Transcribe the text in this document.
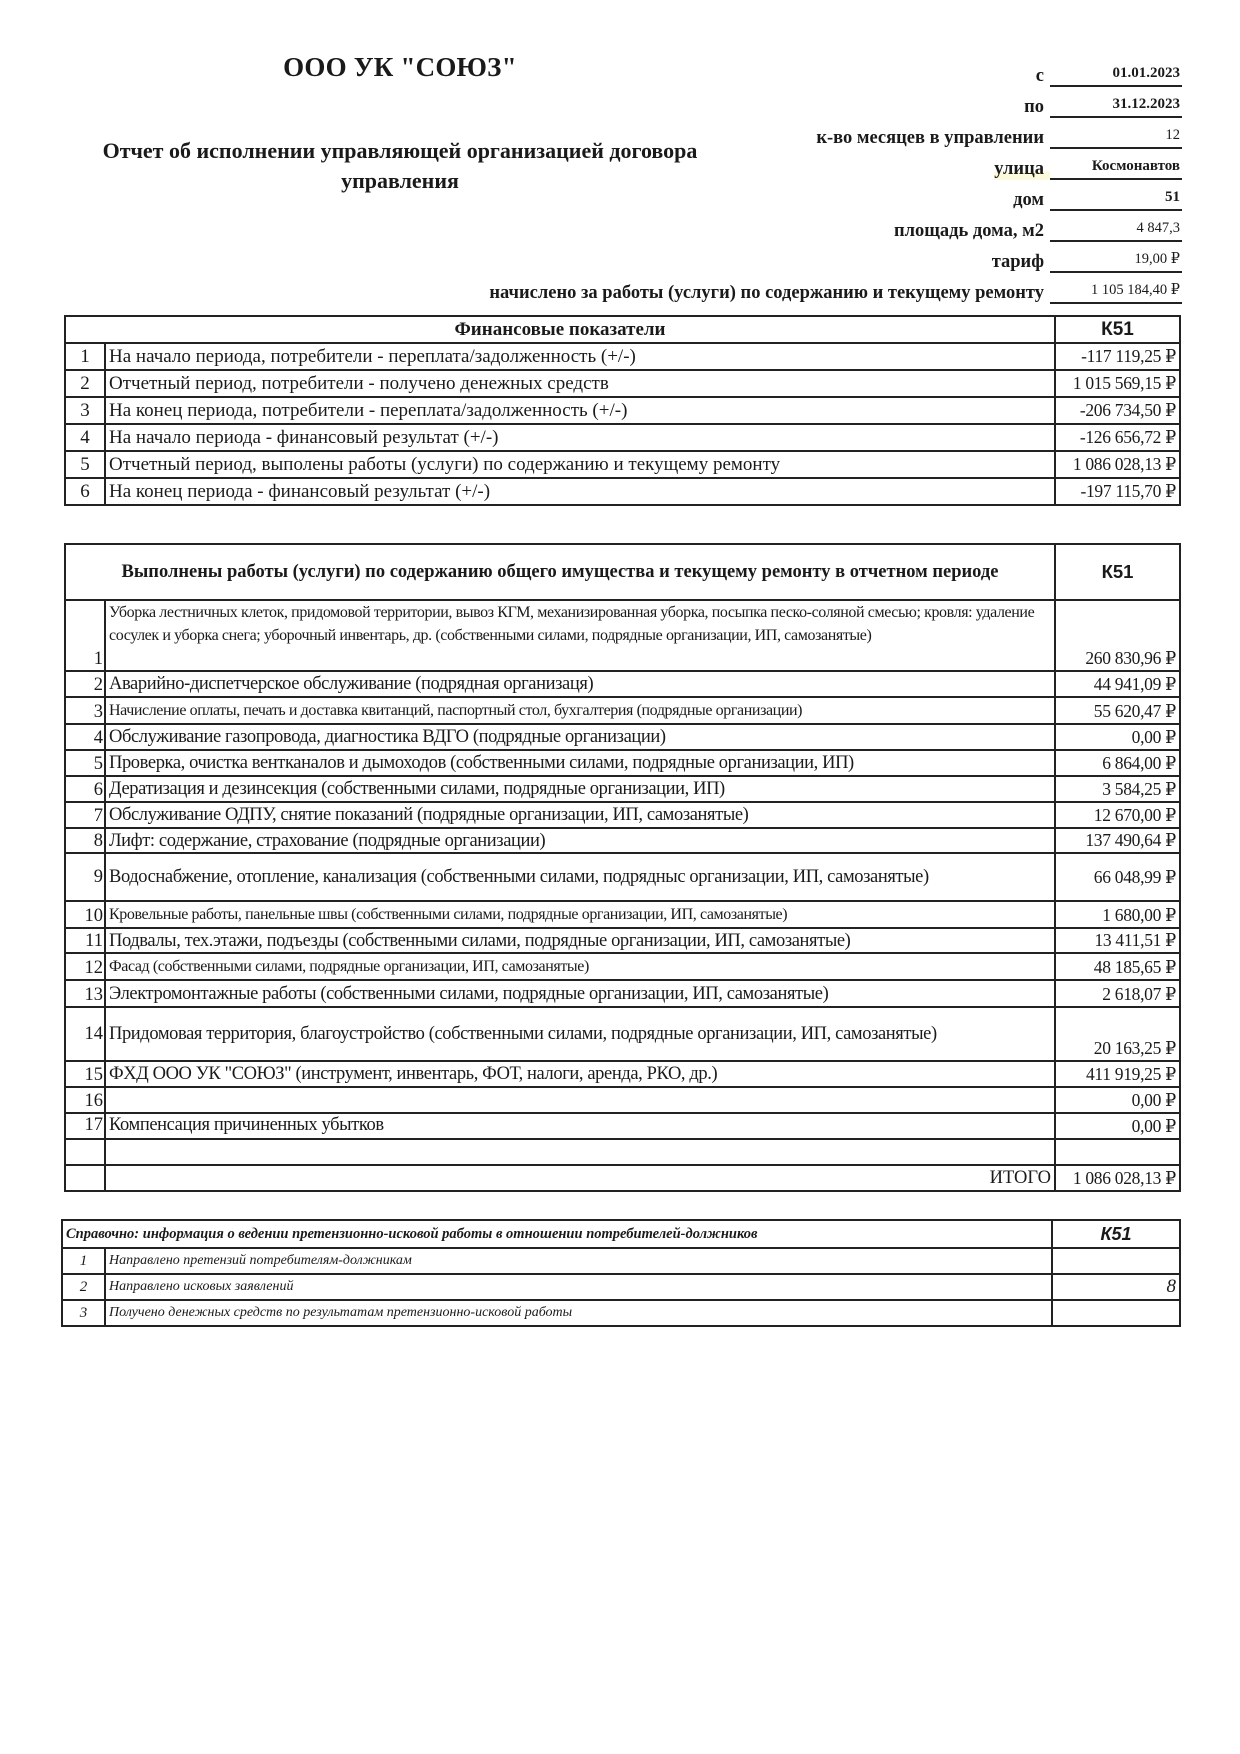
ООО УК "СОЮЗ"
Отчет об исполнении управляющей организацией договора управления
с	01.01.2023
по	31.12.2023
к-во месяцев в управлении	12
улица	Космонавтов
дом	51
площадь дома, м2	4 847,3
тариф	19,00 ₽
начислено за работы (услуги) по содержанию и текущему ремонту	1 105 184,40 ₽
Финансовые показатели		К51
1	На начало периода, потребители - переплата/задолженность (+/-)	-117 119,25 ₽
2	Отчетный период, потребители - получено денежных средств	1 015 569,15 ₽
3	На конец периода, потребители - переплата/задолженность (+/-)	-206 734,50 ₽
4	На начало периода - финансовый результат (+/-)	-126 656,72 ₽
5	Отчетный период, выполены работы (услуги) по содержанию и текущему ремонту	1 086 028,13 ₽
6	На конец периода - финансовый результат (+/-)	-197 115,70 ₽
Выполнены работы (услуги) по содержанию общего имущества и текущему ремонту в отчетном периоде		К51
1	Уборка лестничных клеток, придомовой территории, вывоз КГМ, механизированная уборка, посыпка песко-соляной смесью; кровля: удаление сосулек и уборка снега; уборочный инвентарь, др. (собственными силами, подрядные организации, ИП, самозанятые)	260 830,96 ₽
2	Аварийно-диспетчерское обслуживание (подрядная организаця)	44 941,09 ₽
3	Начисление оплаты, печать и доставка квитанций, паспортный стол, бухгалтерия (подрядные организации)	55 620,47 ₽
4	Обслуживание газопровода, диагностика ВДГО (подрядные организации)	0,00 ₽
5	Проверка, очистка вентканалов и дымоходов (собственными силами, подрядные организации, ИП)	6 864,00 ₽
6	Дератизация и дезинсекция (собственными силами, подрядные организации, ИП)	3 584,25 ₽
7	Обслуживание ОДПУ, снятие показаний (подрядные организации, ИП, самозанятые)	12 670,00 ₽
8	Лифт: содержание, страхование (подрядные организации)	137 490,64 ₽
9	Водоснабжение, отопление, канализация (собственными силами, подрядныс организации, ИП, самозанятые)	66 048,99 ₽
10	Кровельные работы, панельные швы (собственными силами, подрядные организации, ИП, самозанятые)	1 680,00 ₽
11	Подвалы, тех.этажи, подъезды (собственными силами, подрядные организации, ИП, самозанятые)	13 411,51 ₽
12	Фасад (собственными силами, подрядные организации, ИП, самозанятые)	48 185,65 ₽
13	Электромонтажные работы (собственными силами, подрядные организации, ИП, самозанятые)	2 618,07 ₽
14	Придомовая территория, благоустройство (собственными силами, подрядные организации, ИП, самозанятые)	20 163,25 ₽
15	ФХД ООО УК "СОЮЗ" (инструмент, инвентарь, ФОТ, налоги, аренда, РКО, др.)	411 919,25 ₽
16		0,00 ₽
17	Компенсация причиненных убытков	0,00 ₽

	ИТОГО	1 086 028,13 ₽
Справочно: информация о ведении претензионно-исковой работы в отношении потребителей-должников		К51
1	Направлено претензий потребителям-должникам	
2	Направлено исковых заявлений	8
3	Получено денежных средств по результатам претензионно-исковой работы	
